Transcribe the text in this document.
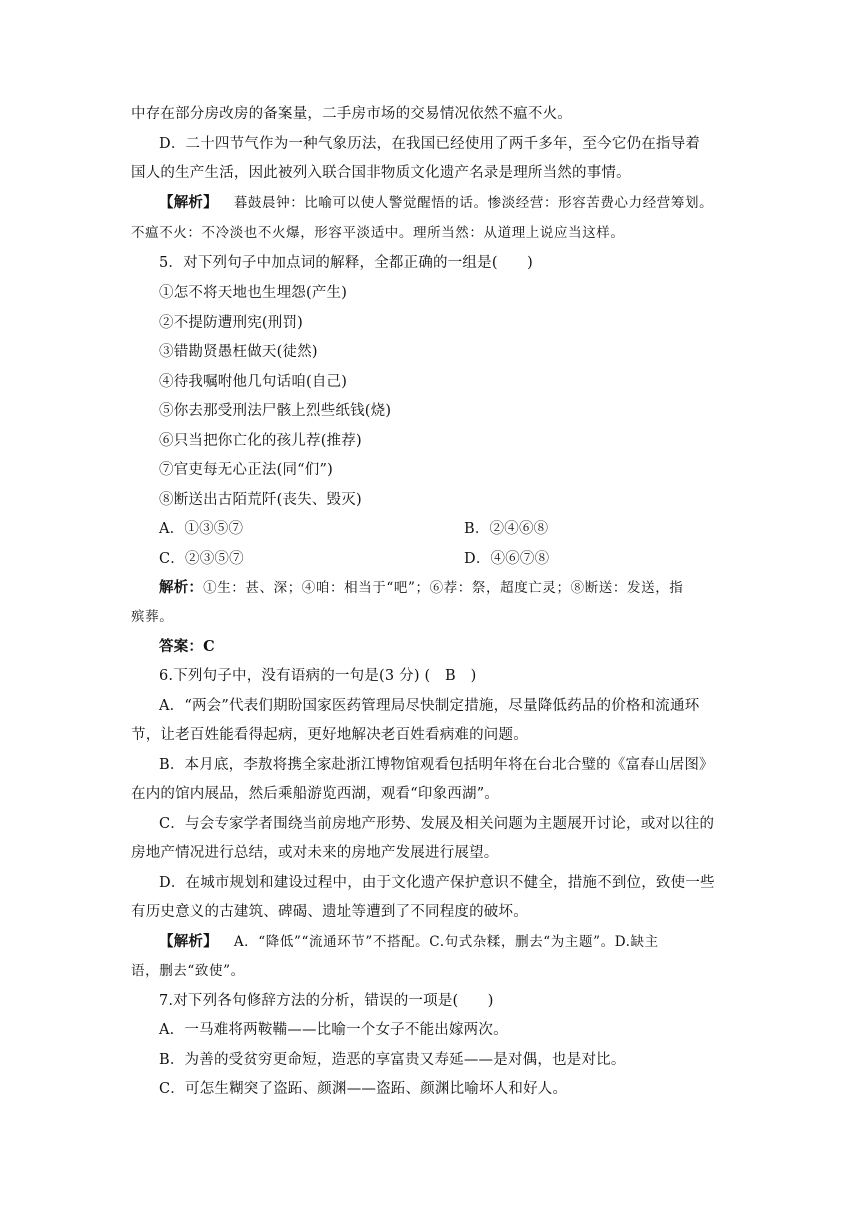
中存在部分房改房的备案量，二手房市场的交易情况依然不瘟不火。
D．二十四节气作为一种气象历法，在我国已经使用了两千多年，至今它仍在指导着
国人的生产生活，因此被列入联合国非物质文化遗产名录是理所当然的事情。
【解析】 暮鼓晨钟：比喻可以使人警觉醒悟的话。惨淡经营：形容苦费心力经营筹划。
不瘟不火：不冷淡也不火爆，形容平淡适中。理所当然：从道理上说应当这样。
5．对下列句子中加点词的解释，全都正确的一组是(　　)
①怎不将天地也生埋怨(产生)
②不提防遭刑宪(刑罚)
③错勘贤愚枉做天(徒然)
④待我嘱咐他几句话咱(自己)
⑤你去那受刑法尸骸上烈些纸钱(烧)
⑥只当把你亡化的孩儿荐(推荐)
⑦官吏每无心正法(同“们”)
⑧断送出古陌荒阡(丧失、毁灭)
A．①③⑤⑦	B．②④⑥⑧
C．②③⑤⑦	D．④⑥⑦⑧
解析：①生：甚、深；④咱：相当于“吧”；⑥荐：祭，超度亡灵；⑧断送：发送，指
殡葬。
答案：C
6.下列句子中，没有语病的一句是(3 分) (　B　)
A．“两会”代表们期盼国家医药管理局尽快制定措施，尽量降低药品的价格和流通环
节，让老百姓能看得起病，更好地解决老百姓看病难的问题。
B．本月底，李敖将携全家赴浙江博物馆观看包括明年将在台北合璧的《富春山居图》
在内的馆内展品，然后乘船游览西湖，观看“印象西湖”。
C．与会专家学者围绕当前房地产形势、发展及相关问题为主题展开讨论，或对以往的
房地产情况进行总结，或对未来的房地产发展进行展望。
D．在城市规划和建设过程中，由于文化遗产保护意识不健全，措施不到位，致使一些
有历史意义的古建筑、碑碣、遗址等遭到了不同程度的破坏。
【解析】 A．“降低”“流通环节”不搭配。C.句式杂糅，删去“为主题”。D.缺主
语，删去“致使”。
7.对下列各句修辞方法的分析，错误的一项是(　　)
A．一马难将两鞍鞴——比喻一个女子不能出嫁两次。
B．为善的受贫穷更命短，造恶的享富贵又寿延——是对偶，也是对比。
C．可怎生糊突了盗跖、颜渊——盗跖、颜渊比喻坏人和好人。
